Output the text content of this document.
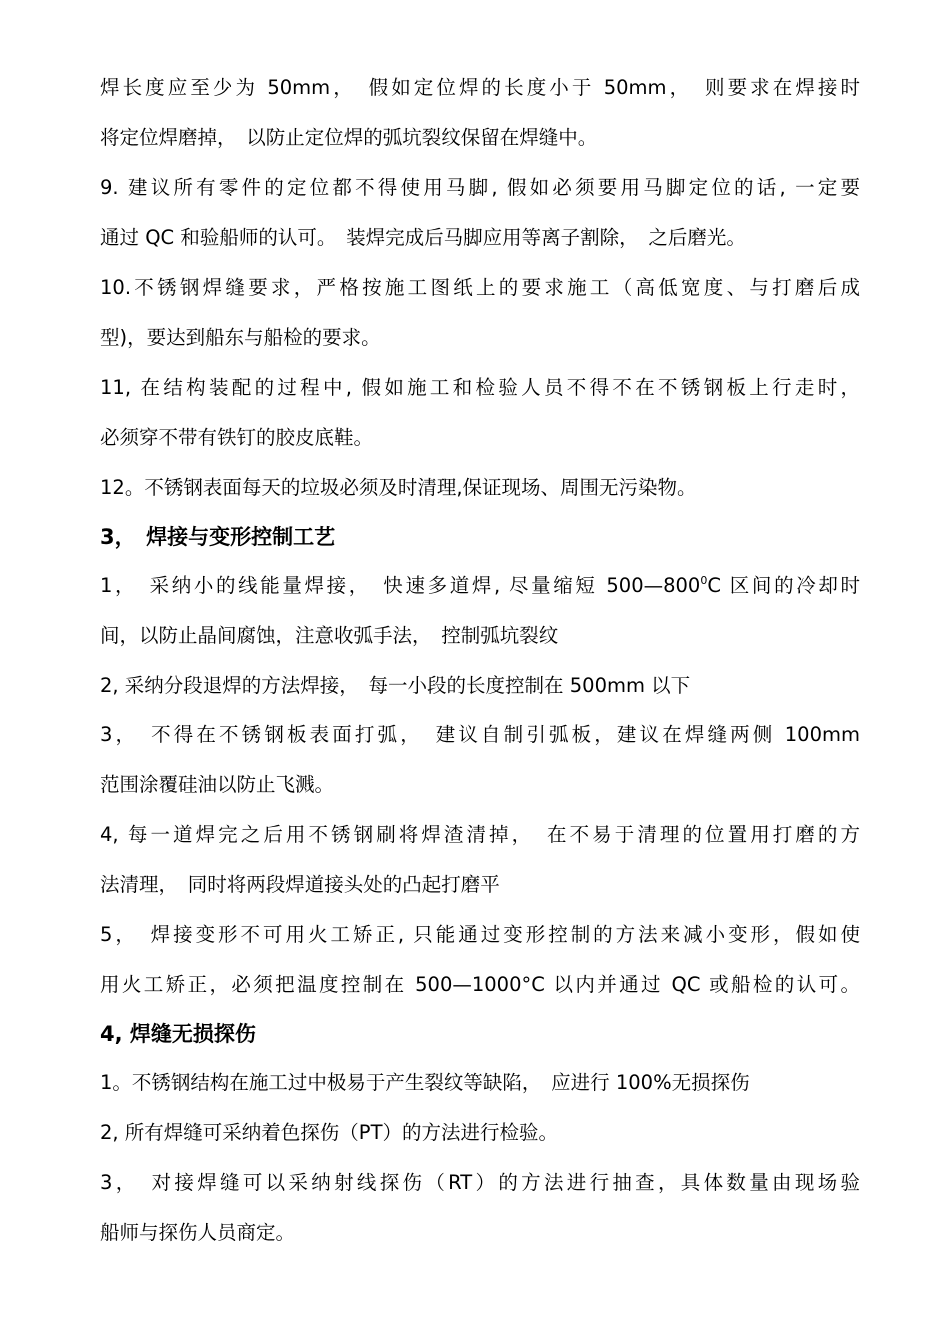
焊长度应至少为 50mm，　假如定位焊的长度小于 50mm，　则要求在焊接时
将定位焊磨掉，　以防止定位焊的弧坑裂纹保留在焊缝中。
9. 建议所有零件的定位都不得使用马脚, 假如必须要用马脚定位的话, 一定要
通过 QC 和验船师的认可。　装焊完成后马脚应用等离子割除，　之后磨光。
10.不锈钢焊缝要求，严格按施工图纸上的要求施工（高低宽度、与打磨后成
型)，要达到船东与船检的要求。
11, 在结构装配的过程中, 假如施工和检验人员不得不在不锈钢板上行走时，
必须穿不带有铁钉的胶皮底鞋。
12。不锈钢表面每天的垃圾必须及时清理,保证现场、周围无污染物。
3，　焊接与变形控制工艺
1，　采纳小的线能量焊接，　快速多道焊, 尽量缩短 $500—800^0C$ 区间的冷却时
间，以防止晶间腐蚀，注意收弧手法，　控制弧坑裂纹
2, 采纳分段退焊的方法焊接，　每一小段的长度控制在 500mm 以下
3，　不得在不锈钢板表面打弧，　建议自制引弧板，建议在焊缝两侧 100mm
范围涂覆硅油以防止飞溅。
4, 每一道焊完之后用不锈钢刷将焊渣清掉，　在不易于清理的位置用打磨的方
法清理，　同时将两段焊道接头处的凸起打磨平
5，　焊接变形不可用火工矫正, 只能通过变形控制的方法来减小变形，假如使
用火工矫正，必须把温度控制在 500—1000°C 以内并通过 QC 或船检的认可。
4, 焊缝无损探伤
1。不锈钢结构在施工过中极易于产生裂纹等缺陷，　应进行 100%无损探伤
2, 所有焊缝可采纳着色探伤（PT）的方法进行检验。
3，　对接焊缝可以采纳射线探伤（RT）的方法进行抽查，具体数量由现场验
船师与探伤人员商定。
